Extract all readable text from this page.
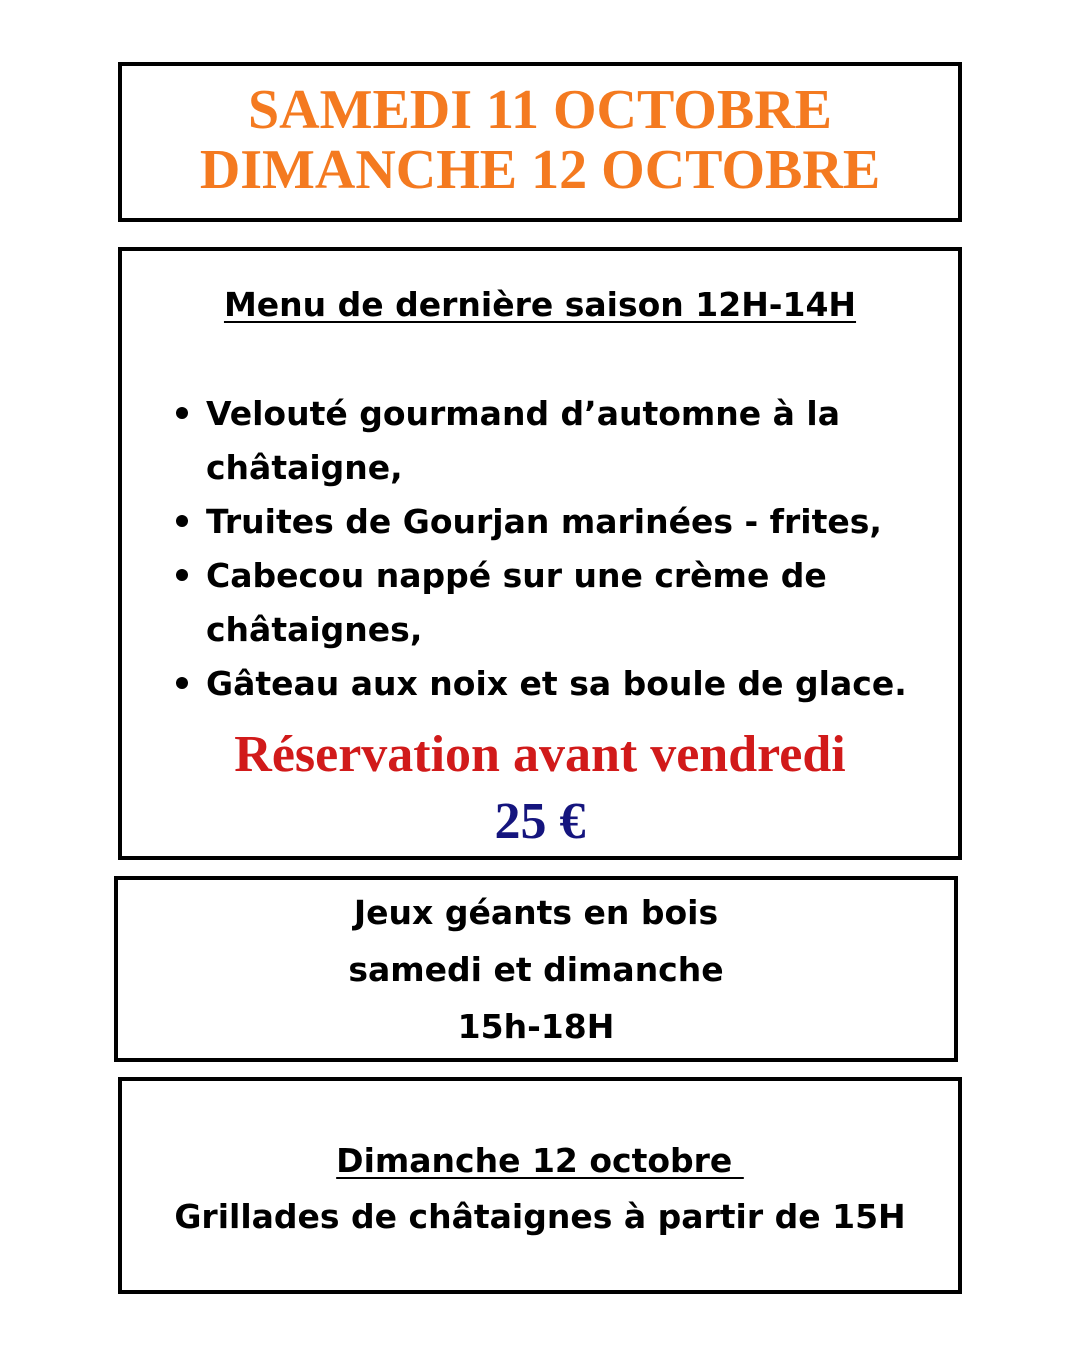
SAMEDI 11 OCTOBRE
DIMANCHE 12 OCTOBRE
Menu de dernière saison 12H-14H
Velouté gourmand d’automne à la châtaigne,
Truites de Gourjan marinées - frites,
Cabecou nappé sur une crème de châtaignes,
Gâteau aux noix et sa boule de glace.
Réservation avant vendredi
25 €
Jeux géants en bois
samedi et dimanche
15h-18H
Dimanche 12 octobre
Grillades de châtaignes à partir de 15H
